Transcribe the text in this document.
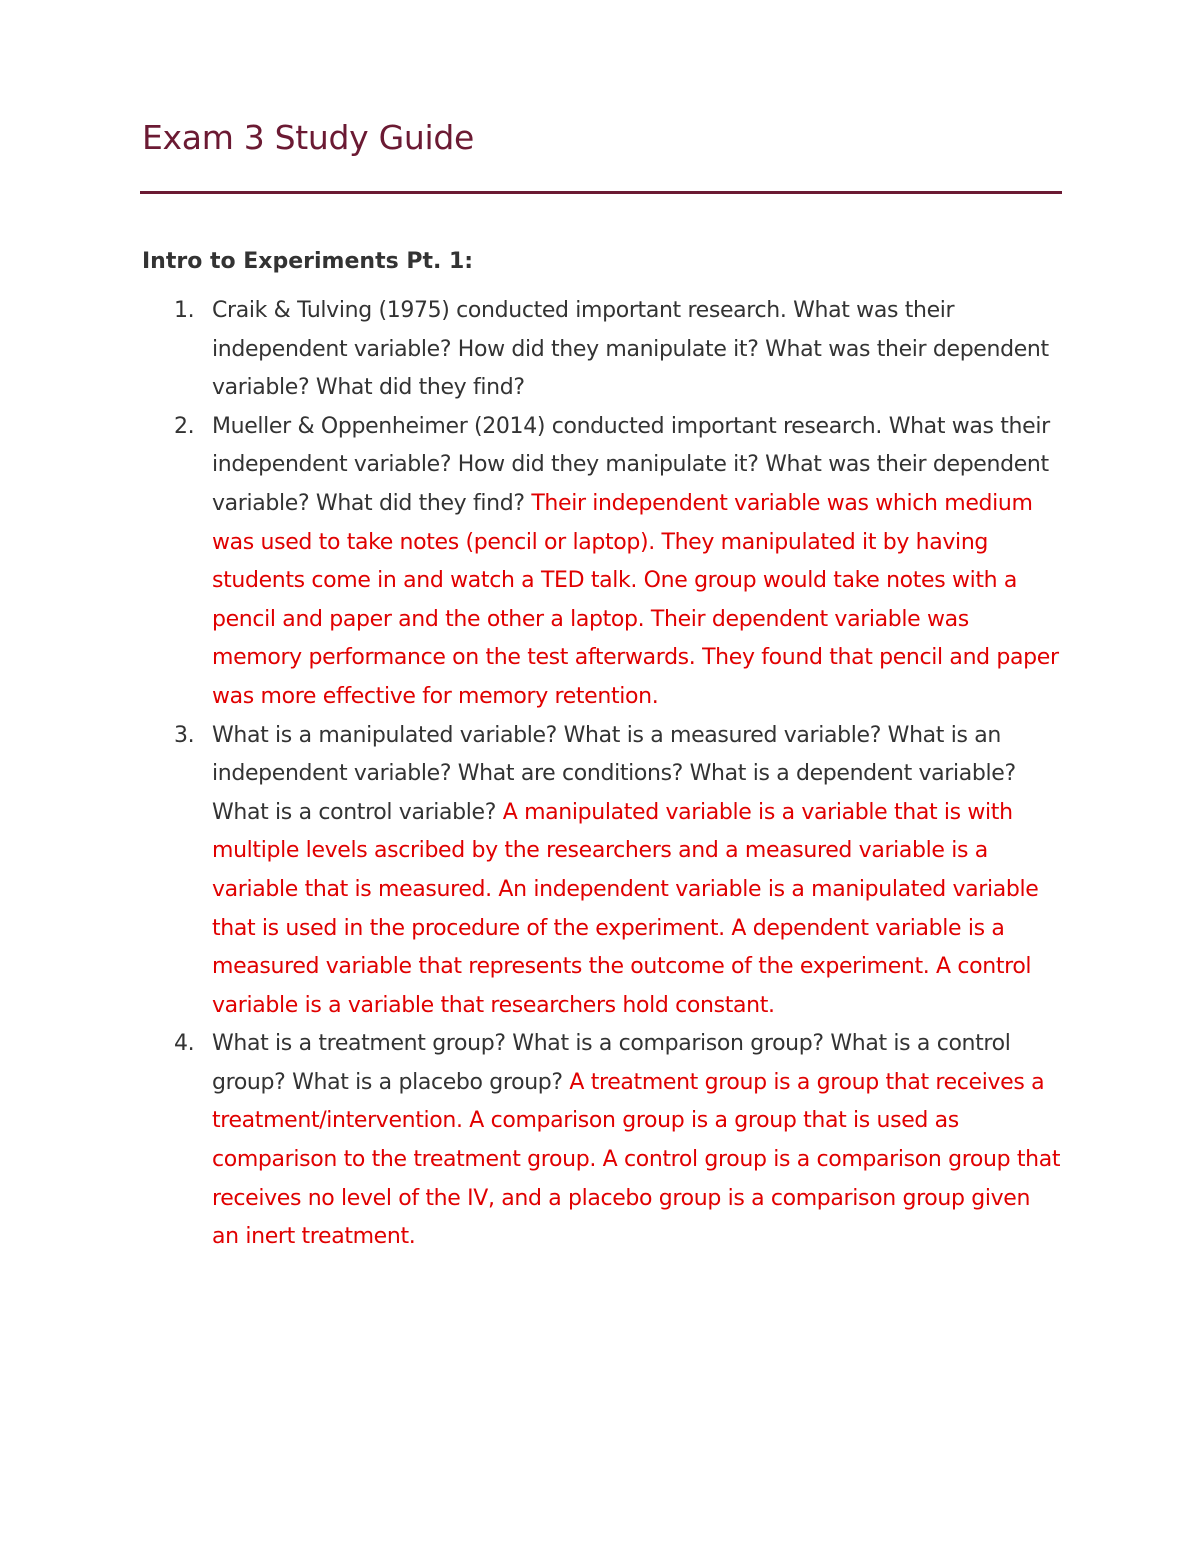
Exam 3 Study Guide
Intro to Experiments Pt. 1:
1. Craik & Tulving (1975) conducted important research. What was their independent variable? How did they manipulate it? What was their dependent variable? What did they find?
2. Mueller & Oppenheimer (2014) conducted important research. What was their independent variable? How did they manipulate it? What was their dependent variable? What did they find? Their independent variable was which medium was used to take notes (pencil or laptop). They manipulated it by having students come in and watch a TED talk. One group would take notes with a pencil and paper and the other a laptop. Their dependent variable was memory performance on the test afterwards. They found that pencil and paper was more effective for memory retention.
3. What is a manipulated variable? What is a measured variable? What is an independent variable? What are conditions? What is a dependent variable? What is a control variable? A manipulated variable is a variable that is with multiple levels ascribed by the researchers and a measured variable is a variable that is measured. An independent variable is a manipulated variable that is used in the procedure of the experiment. A dependent variable is a measured variable that represents the outcome of the experiment. A control variable is a variable that researchers hold constant.
4. What is a treatment group? What is a comparison group? What is a control group? What is a placebo group? A treatment group is a group that receives a treatment/intervention. A comparison group is a group that is used as comparison to the treatment group. A control group is a comparison group that receives no level of the IV, and a placebo group is a comparison group given an inert treatment.
